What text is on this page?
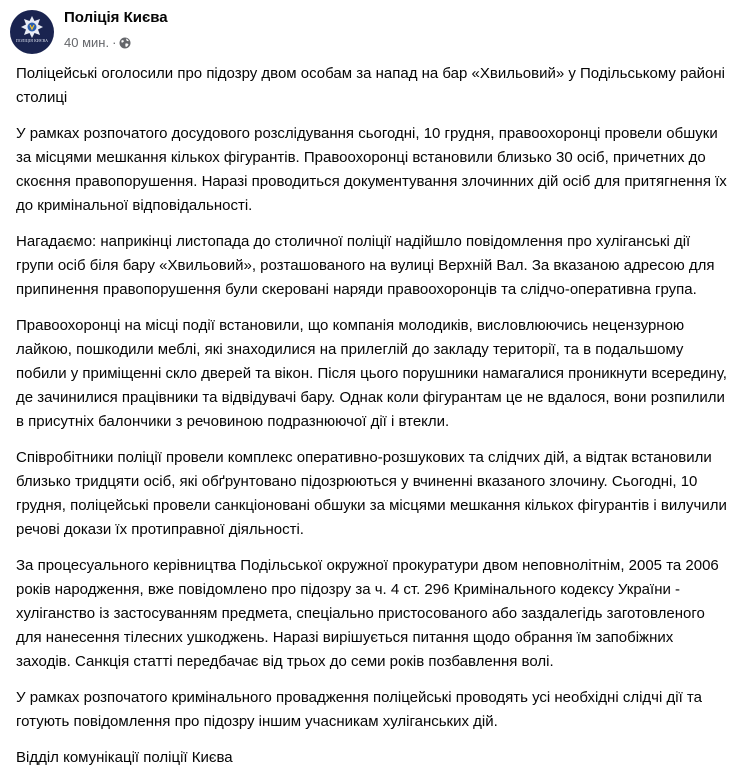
ПОЛІЦІЯ КИЄВА
Поліція Києва
40 мин. ·

Поліцейські оголосили про підозру двом особам за напад на бар «Хвильовий» у Подільському районі столиці

У рамках розпочатого досудового розслідування сьогодні, 10 грудня, правоохоронці провели обшуки за місцями мешкання кількох фігурантів. Правоохоронці встановили близько 30 осіб, причетних до скоєння правопорушення. Наразі проводиться документування злочинних дій осіб для притягнення їх до кримінальної відповідальності.

Нагадаємо: наприкінці листопада до столичної поліції надійшло повідомлення про хуліганські дії групи осіб біля бару «Хвильовий», розташованого на вулиці Верхній Вал. За вказаною адресою для припинення правопорушення були скеровані наряди правоохоронців та слідчо-оперативна група.

Правоохоронці на місці події встановили, що компанія молодиків, висловлюючись нецензурною лайкою, пошкодили меблі, які знаходилися на прилеглій до закладу території, та в подальшому побили у приміщенні скло дверей та вікон. Після цього порушники намагалися проникнути всередину, де зачинилися працівники та відвідувачі бару. Однак коли фігурантам це не вдалося, вони розпилили в присутніх балончики з речовиною подразнюючої дії і втекли.

Співробітники поліції провели комплекс оперативно-розшукових та слідчих дій, а відтак встановили близько тридцяти осіб, які обґрунтовано підозрюються у вчиненні вказаного злочину. Сьогодні, 10 грудня, поліцейські провели санкціоновані обшуки за місцями мешкання кількох фігурантів і вилучили речові докази їх протиправної діяльності.

За процесуального керівництва Подільської окружної прокуратури двом неповнолітнім, 2005 та 2006 років народження, вже повідомлено про підозру за ч. 4 ст. 296 Кримінального кодексу України - хуліганство із застосуванням предмета, спеціально пристосованого або заздалегідь заготовленого для нанесення тілесних ушкоджень. Наразі вирішується питання щодо обрання їм запобіжних заходів. Санкція статті передбачає від трьох до семи років позбавлення волі.

У рамках розпочатого кримінального провадження поліцейські проводять усі необхідні слідчі дії та готують повідомлення про підозру іншим учасникам хуліганських дій.

Відділ комунікації поліції Києва
